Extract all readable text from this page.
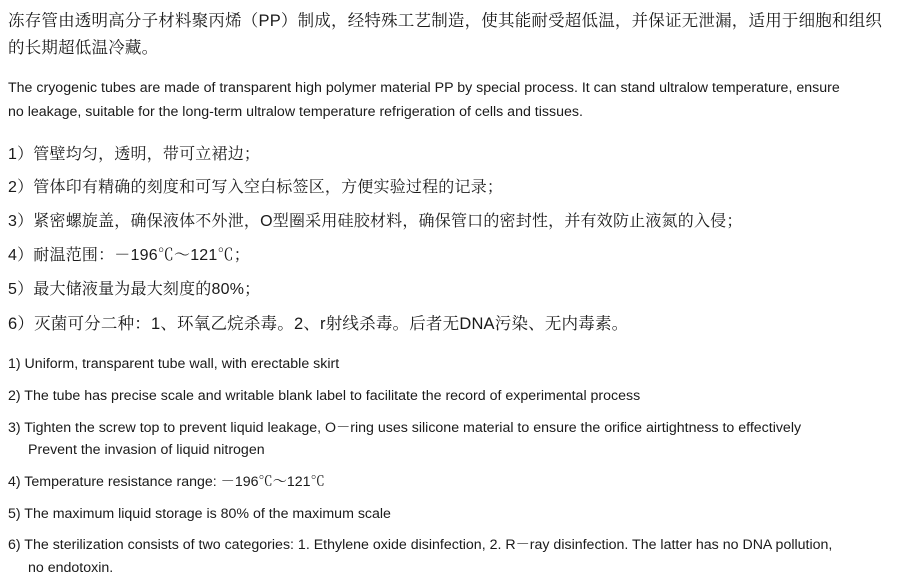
冻存管由透明高分子材料聚丙烯（PP）制成，经特殊工艺制造，使其能耐受超低温，并保证无泄漏，适用于细胞和组织的长期超低温冷藏。

The cryogenic tubes are made of transparent high polymer material PP by special process. It can stand ultralow temperature, ensure no leakage, suitable for the long-term ultralow temperature refrigeration of cells and tissues.

1）管壁均匀，透明，带可立裙边；
2）管体印有精确的刻度和可写入空白标签区，方便实验过程的记录；
3）紧密螺旋盖，确保液体不外泄，O型圈采用硅胶材料，确保管口的密封性，并有效防止液氮的入侵；
4）耐温范围：－196℃～121℃；
5）最大储液量为最大刻度的80%；
6）灭菌可分二种：1、环氧乙烷杀毒。2、r射线杀毒。后者无DNA污染、无内毒素。
1) Uniform, transparent tube wall, with erectable skirt
2) The tube has precise scale and writable blank label to facilitate the record of experimental process
3) Tighten the screw top to prevent liquid leakage, O－ring uses silicone material to ensure the orifice airtightness to effectively
Prevent the invasion of liquid nitrogen
4) Temperature resistance range: －196℃～121℃
5) The maximum liquid storage is 80% of the maximum scale
6) The sterilization consists of two categories: 1. Ethylene oxide disinfection, 2. R－ray disinfection. The latter has no DNA pollution,
no endotoxin.
